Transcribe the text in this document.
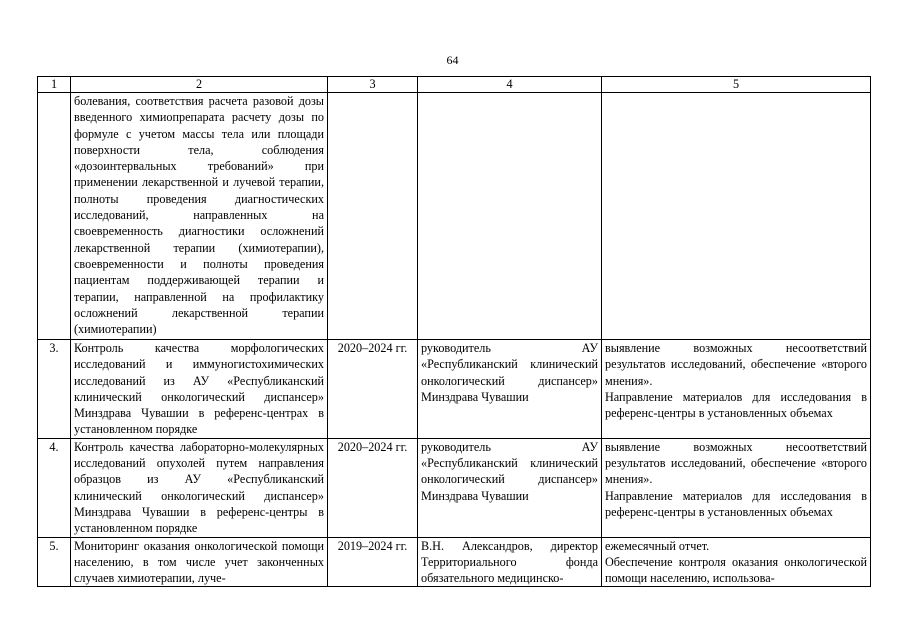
64
1	2	3	4	5
	болевания, соответствия расчета разовой дозы введенного химиопрепарата расчету дозы по формуле с учетом массы тела или площади поверхности тела, соблюдения «дозоинтервальных требований» при применении лекарственной и лучевой терапии, полноты проведения диагностических исследований, направленных на своевременность диагностики осложнений лекарственной терапии (химиотерапии), своевременности и полноты проведения пациентам поддерживающей терапии и терапии, направленной на профилактику осложнений лекарственной терапии (химиотерапии)			
3.	Контроль качества морфологических исследований и иммуногистохимических исследований из АУ «Республиканский клинический онкологический диспансер» Минздрава Чувашии в референс-центрах в установленном порядке	2020–2024 гг.	руководитель АУ «Республиканский клинический онкологический диспансер» Минздрава Чувашии	выявление возможных несоответствий результатов исследований, обеспечение «второго мнения».
Направление материалов для исследования в референс-центры в установленных объемах

4.	Контроль качества лабораторно-молекулярных исследований опухолей путем направления образцов из АУ «Республиканский клинический онкологический диспансер» Минздрава Чувашии в референс-центры в установленном порядке	2020–2024 гг.	руководитель АУ «Республиканский клинический онкологический диспансер» Минздрава Чувашии	выявление возможных несоответствий результатов исследований, обеспечение «второго мнения».
Направление материалов для исследования в референс-центры в установленных объемах

5.	Мониторинг оказания онкологической помощи населению, в том числе учет законченных случаев химиотерапии, луче-	2019–2024 гг.	В.Н. Александров, директор Территориального фонда обязательного медицинско-	ежемесячный отчет.
Обеспечение контроля оказания онкологической помощи населению, использова-
